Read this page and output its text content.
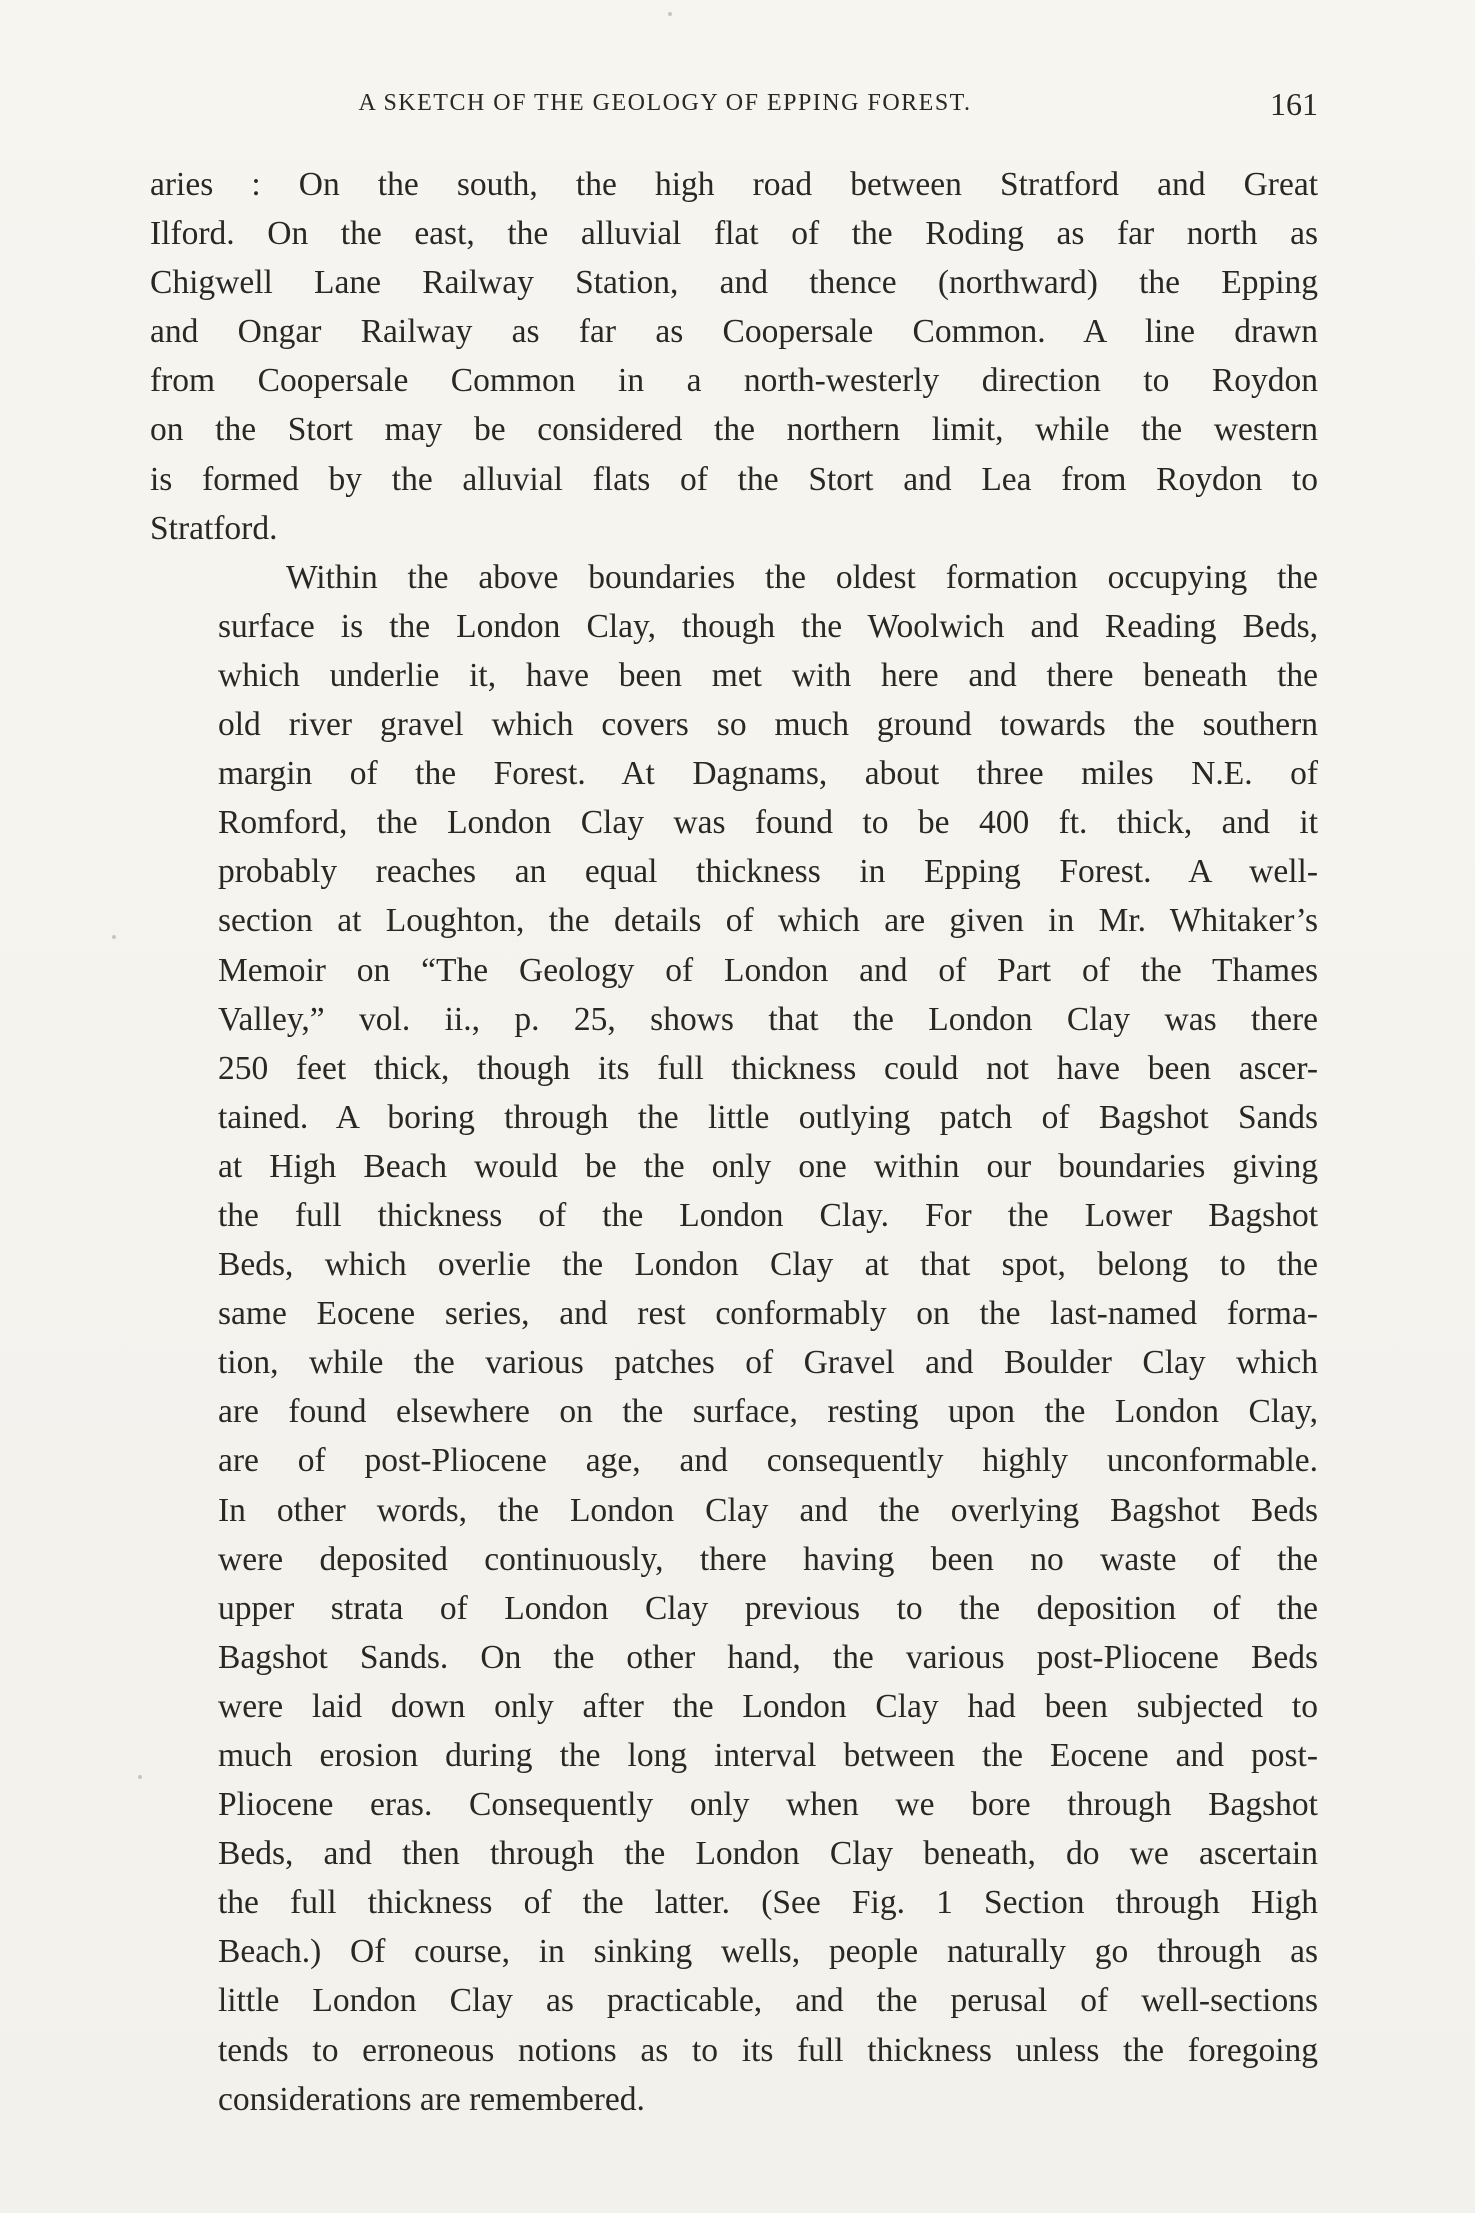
A SKETCH OF THE GEOLOGY OF EPPING FOREST.	161

aries : On the south, the high road between Stratford and Great
Ilford. On the east, the alluvial flat of the Roding as far north as
Chigwell Lane Railway Station, and thence (northward) the Epping
and Ongar Railway as far as Coopersale Common. A line drawn
from Coopersale Common in a north-westerly direction to Roydon
on the Stort may be considered the northern limit, while the western
is formed by the alluvial flats of the Stort and Lea from Roydon to
Stratford.

Within the above boundaries the oldest formation occupying the
surface is the London Clay, though the Woolwich and Reading Beds,
which underlie it, have been met with here and there beneath the
old river gravel which covers so much ground towards the southern
margin of the Forest. At Dagnams, about three miles N.E. of
Romford, the London Clay was found to be 400 ft. thick, and it
probably reaches an equal thickness in Epping Forest. A well-
section at Loughton, the details of which are given in Mr. Whitaker’s
Memoir on “The Geology of London and of Part of the Thames
Valley,” vol. ii., p. 25, shows that the London Clay was there
250 feet thick, though its full thickness could not have been ascer-
tained. A boring through the little outlying patch of Bagshot Sands
at High Beach would be the only one within our boundaries giving
the full thickness of the London Clay. For the Lower Bagshot
Beds, which overlie the London Clay at that spot, belong to the
same Eocene series, and rest conformably on the last-named forma-
tion, while the various patches of Gravel and Boulder Clay which
are found elsewhere on the surface, resting upon the London Clay,
are of post-Pliocene age, and consequently highly unconformable.
In other words, the London Clay and the overlying Bagshot Beds
were deposited continuously, there having been no waste of the
upper strata of London Clay previous to the deposition of the
Bagshot Sands. On the other hand, the various post-Pliocene Beds
were laid down only after the London Clay had been subjected to
much erosion during the long interval between the Eocene and post-
Pliocene eras. Consequently only when we bore through Bagshot
Beds, and then through the London Clay beneath, do we ascertain
the full thickness of the latter. (See Fig. 1 Section through High
Beach.) Of course, in sinking wells, people naturally go through as
little London Clay as practicable, and the perusal of well-sections
tends to erroneous notions as to its full thickness unless the foregoing
considerations are remembered.
